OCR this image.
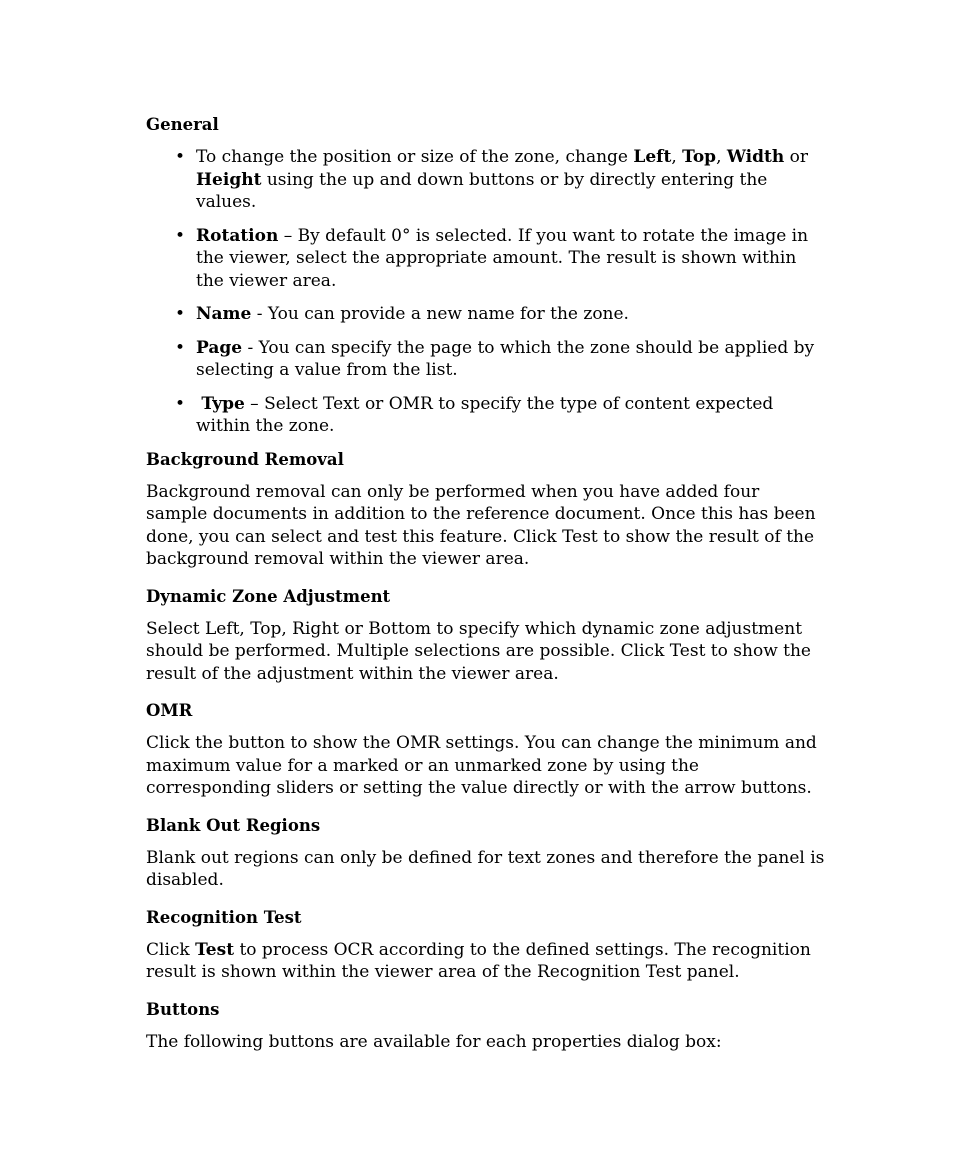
General
• To change the position or size of the zone, change Left, Top, Width or Height using the up and down buttons or by directly entering the values.
• Rotation – By default 0° is selected. If you want to rotate the image in the viewer, select the appropriate amount. The result is shown within the viewer area.
• Name - You can provide a new name for the zone.
• Page - You can specify the page to which the zone should be applied by selecting a value from the list.
• Type – Select Text or OMR to specify the type of content expected within the zone.
Background Removal

Background removal can only be performed when you have added four sample documents in addition to the reference document. Once this has been done, you can select and test this feature. Click Test to show the result of the background removal within the viewer area.

Dynamic Zone Adjustment

Select Left, Top, Right or Bottom to specify which dynamic zone adjustment should be performed. Multiple selections are possible. Click Test to show the result of the adjustment within the viewer area.

OMR

Click the button to show the OMR settings. You can change the minimum and maximum value for a marked or an unmarked zone by using the corresponding sliders or setting the value directly or with the arrow buttons.

Blank Out Regions

Blank out regions can only be defined for text zones and therefore the panel is disabled.

Recognition Test

Click Test to process OCR according to the defined settings. The recognition result is shown within the viewer area of the Recognition Test panel.

Buttons

The following buttons are available for each properties dialog box:
